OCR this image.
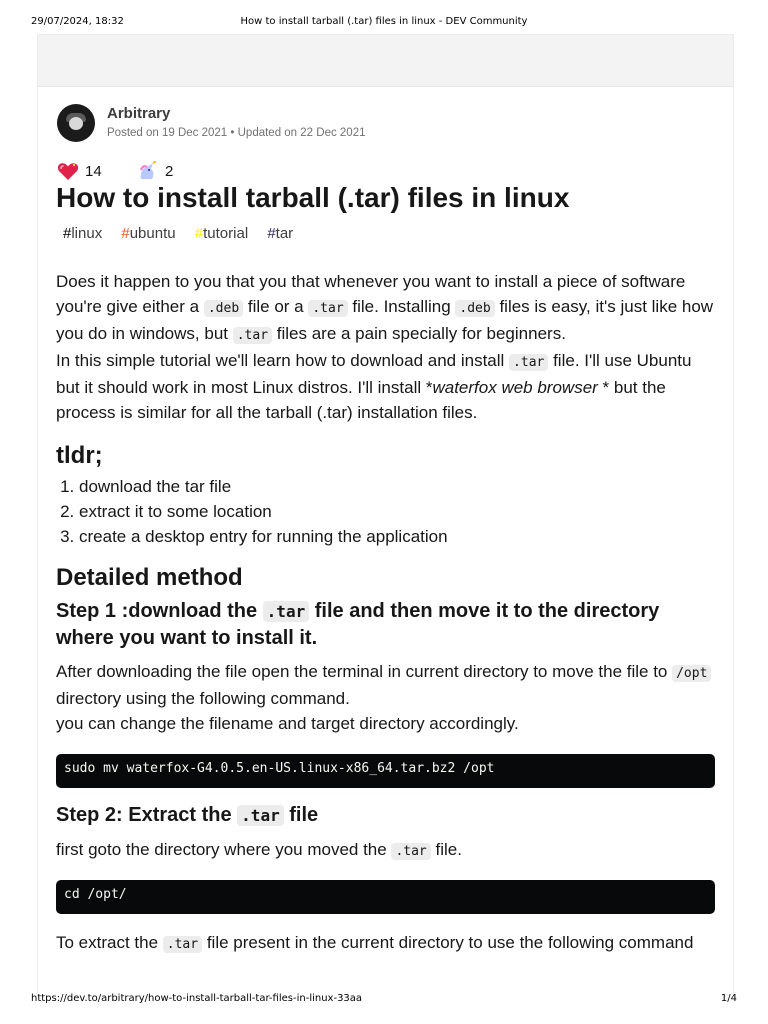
29/07/2024, 18:32	How to install tarball (.tar) files in linux - DEV Community
Arbitrary
Posted on 19 Dec 2021 • Updated on 22 Dec 2021
14	2
How to install tarball (.tar) files in linux
#linux #ubuntu #tutorial #tar

Does it happen to you that you that whenever you want to install a piece of software you're give either a .deb file or a .tar file. Installing .deb files is easy, it's just like how you do in windows, but .tar files are a pain specially for beginners.
In this simple tutorial we'll learn how to download and install .tar file. I'll use Ubuntu but it should work in most Linux distros. I'll install *waterfox web browser * but the process is similar for all the tarball (.tar) installation files.

tldr;
1. download the tar file
2. extract it to some location
3. create a desktop entry for running the application
Detailed method
Step 1 :download the .tar file and then move it to the directory where you want to install it.

After downloading the file open the terminal in current directory to move the file to /opt directory using the following command.
you can change the filename and target directory accordingly.

sudo mv waterfox-G4.0.5.en-US.linux-x86_64.tar.bz2 /opt
Step 2: Extract the .tar file

first goto the directory where you moved the .tar file.

cd /opt/

To extract the .tar file present in the current directory to use the following command

https://dev.to/arbitrary/how-to-install-tarball-tar-files-in-linux-33aa	1/4
